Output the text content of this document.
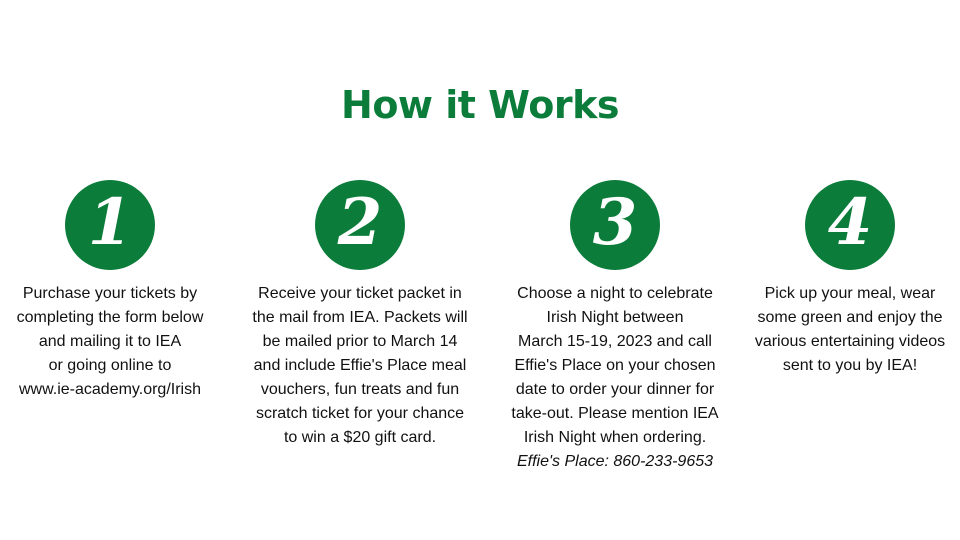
How it Works
1
Purchase your tickets by
completing the form below
and mailing it to IEA
or going online to
www.ie-academy.org/Irish
2
Receive your ticket packet in
the mail from IEA. Packets will
be mailed prior to March 14
and include Effie's Place meal
vouchers, fun treats and fun
scratch ticket for your chance
to win a $20 gift card.
3
Choose a night to celebrate
Irish Night between
March 15-19, 2023 and call
Effie's Place on your chosen
date to order your dinner for
take-out. Please mention IEA
Irish Night when ordering.
Effie's Place: 860-233-9653
4
Pick up your meal, wear
some green and enjoy the
various entertaining videos
sent to you by IEA!
